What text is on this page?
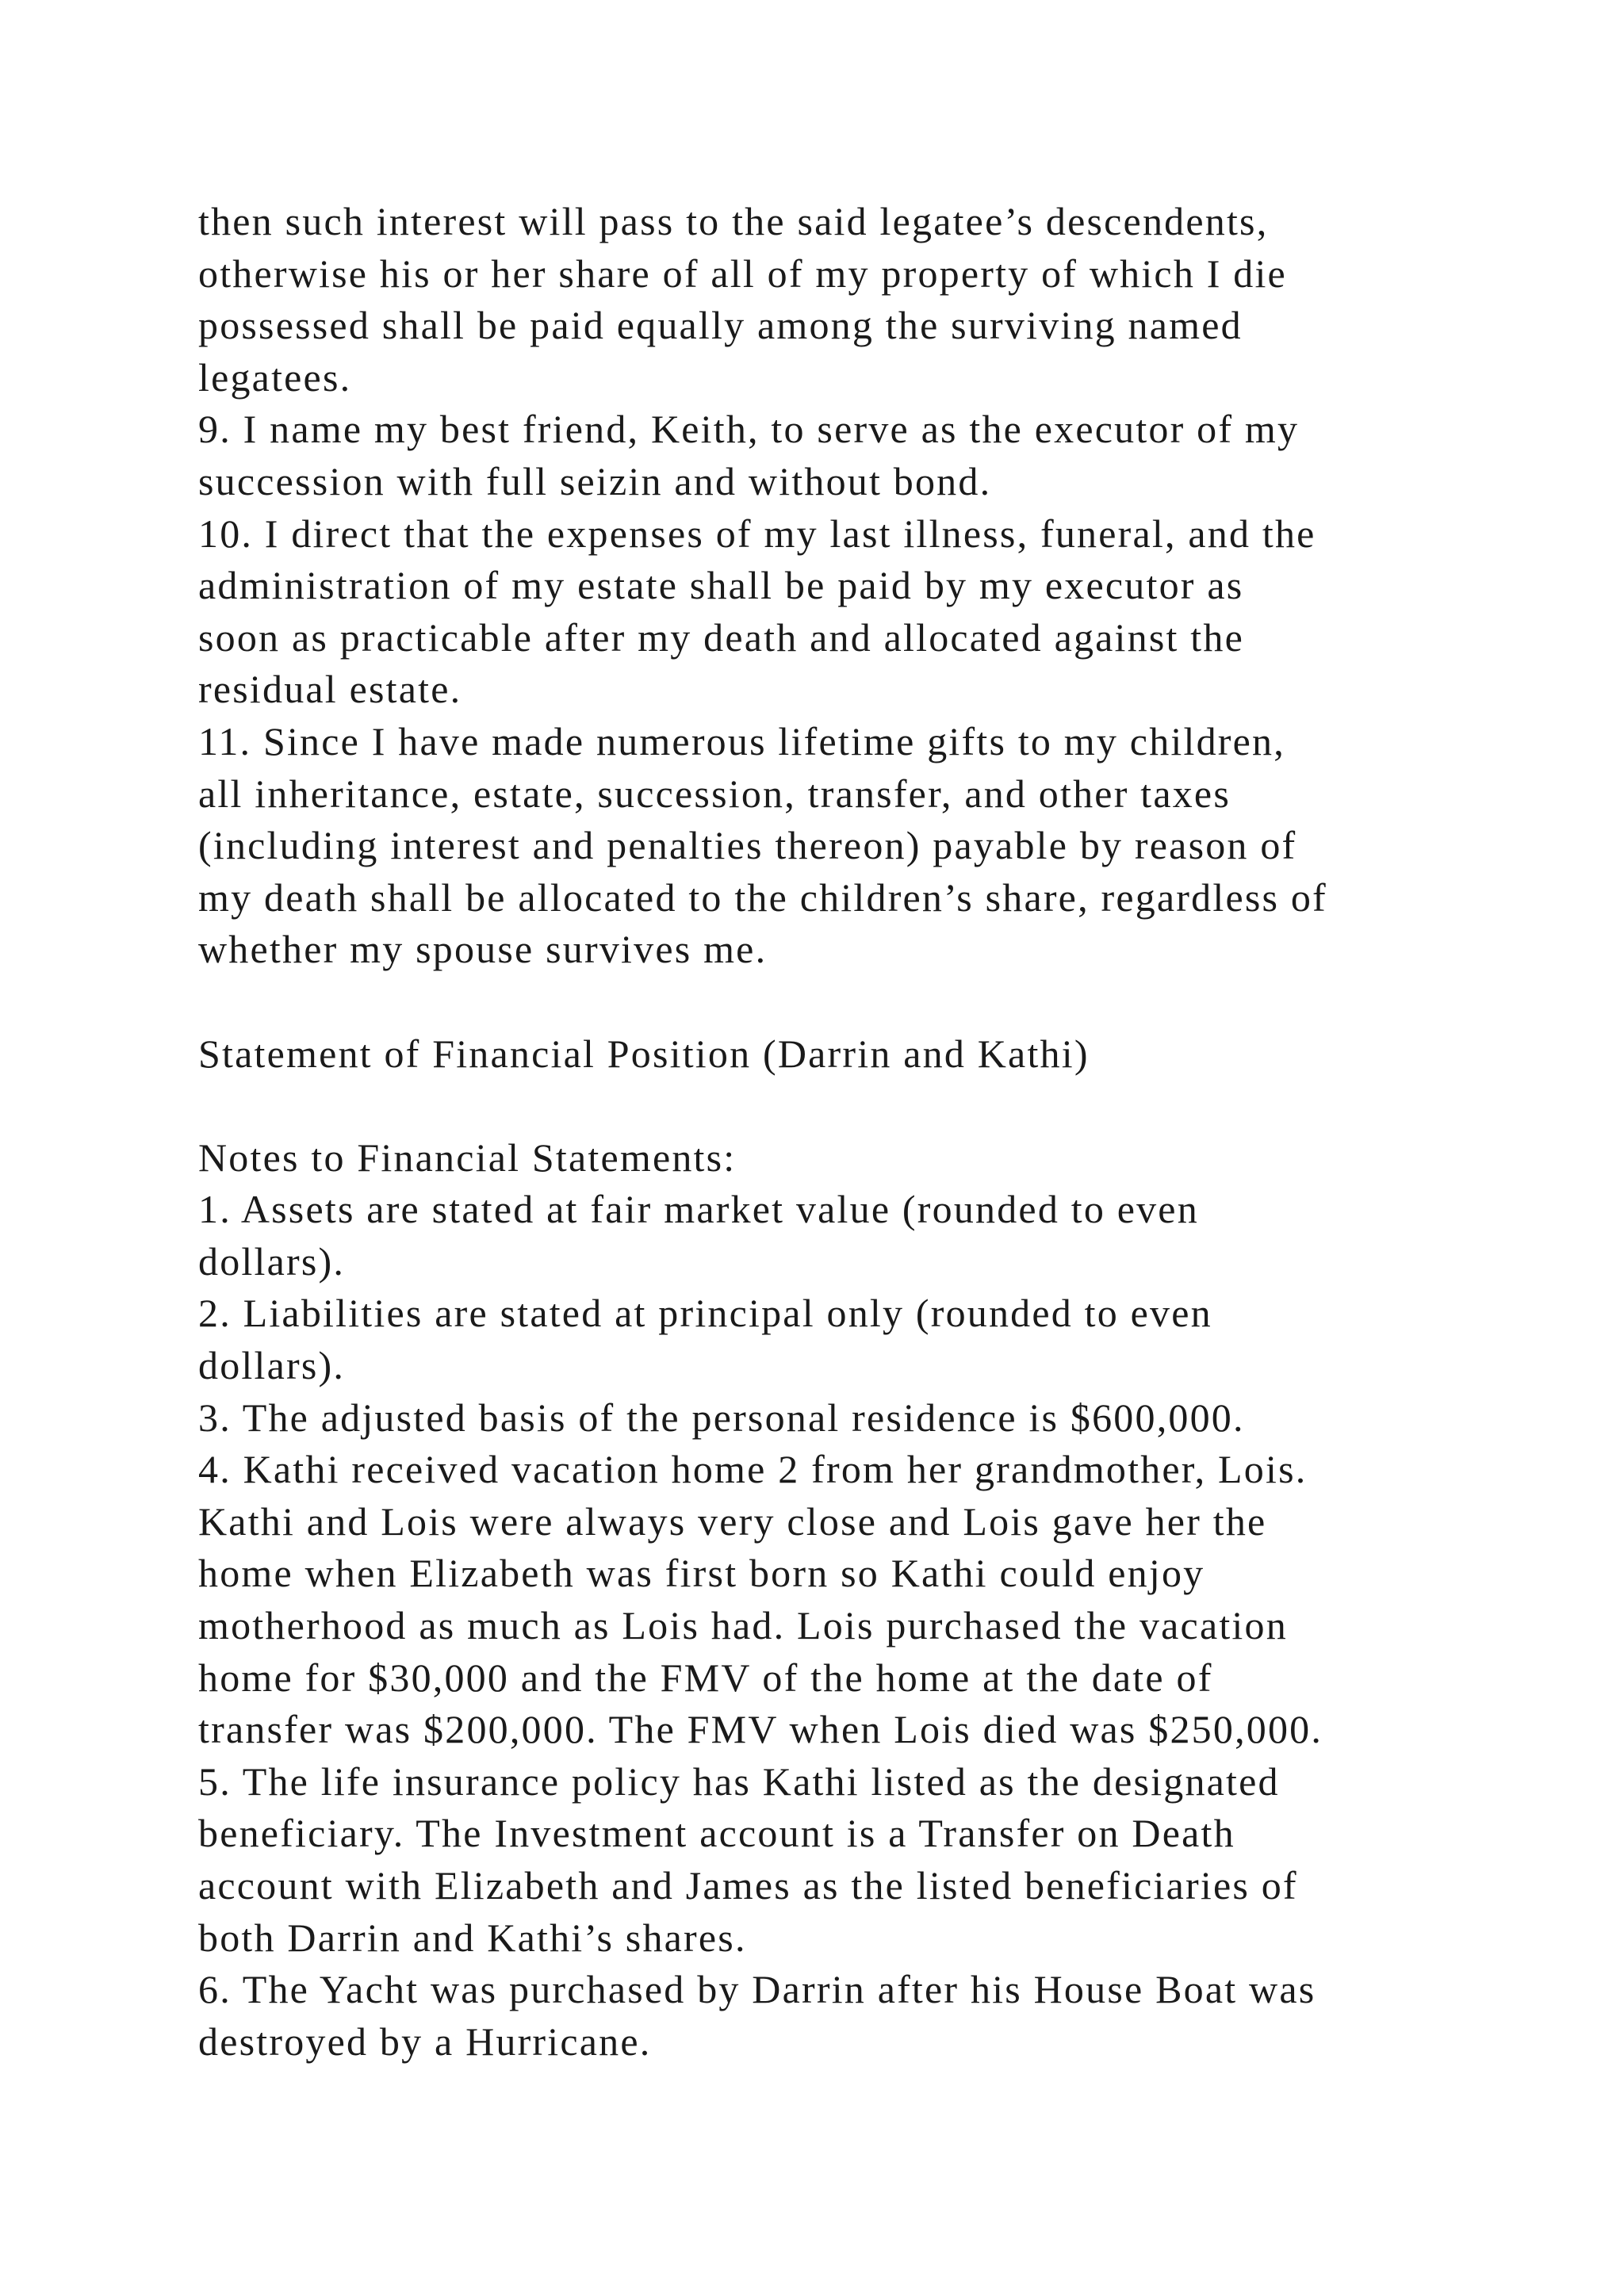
then such interest will pass to the said legatee’s descendents,
otherwise his or her share of all of my property of which I die
possessed shall be paid equally among the surviving named
legatees.
9. I name my best friend, Keith, to serve as the executor of my
succession with full seizin and without bond.
10. I direct that the expenses of my last illness, funeral, and the
administration of my estate shall be paid by my executor as
soon as practicable after my death and allocated against the
residual estate.
11. Since I have made numerous lifetime gifts to my children,
all inheritance, estate, succession, transfer, and other taxes
(including interest and penalties thereon) payable by reason of
my death shall be allocated to the children’s share, regardless of
whether my spouse survives me.
Statement of Financial Position (Darrin and Kathi)
Notes to Financial Statements:
1. Assets are stated at fair market value (rounded to even
dollars).
2. Liabilities are stated at principal only (rounded to even
dollars).
3. The adjusted basis of the personal residence is $600,000.
4. Kathi received vacation home 2 from her grandmother, Lois.
Kathi and Lois were always very close and Lois gave her the
home when Elizabeth was first born so Kathi could enjoy
motherhood as much as Lois had. Lois purchased the vacation
home for $30,000 and the FMV of the home at the date of
transfer was $200,000. The FMV when Lois died was $250,000.
5. The life insurance policy has Kathi listed as the designated
beneficiary. The Investment account is a Transfer on Death
account with Elizabeth and James as the listed beneficiaries of
both Darrin and Kathi’s shares.
6. The Yacht was purchased by Darrin after his House Boat was
destroyed by a Hurricane.
